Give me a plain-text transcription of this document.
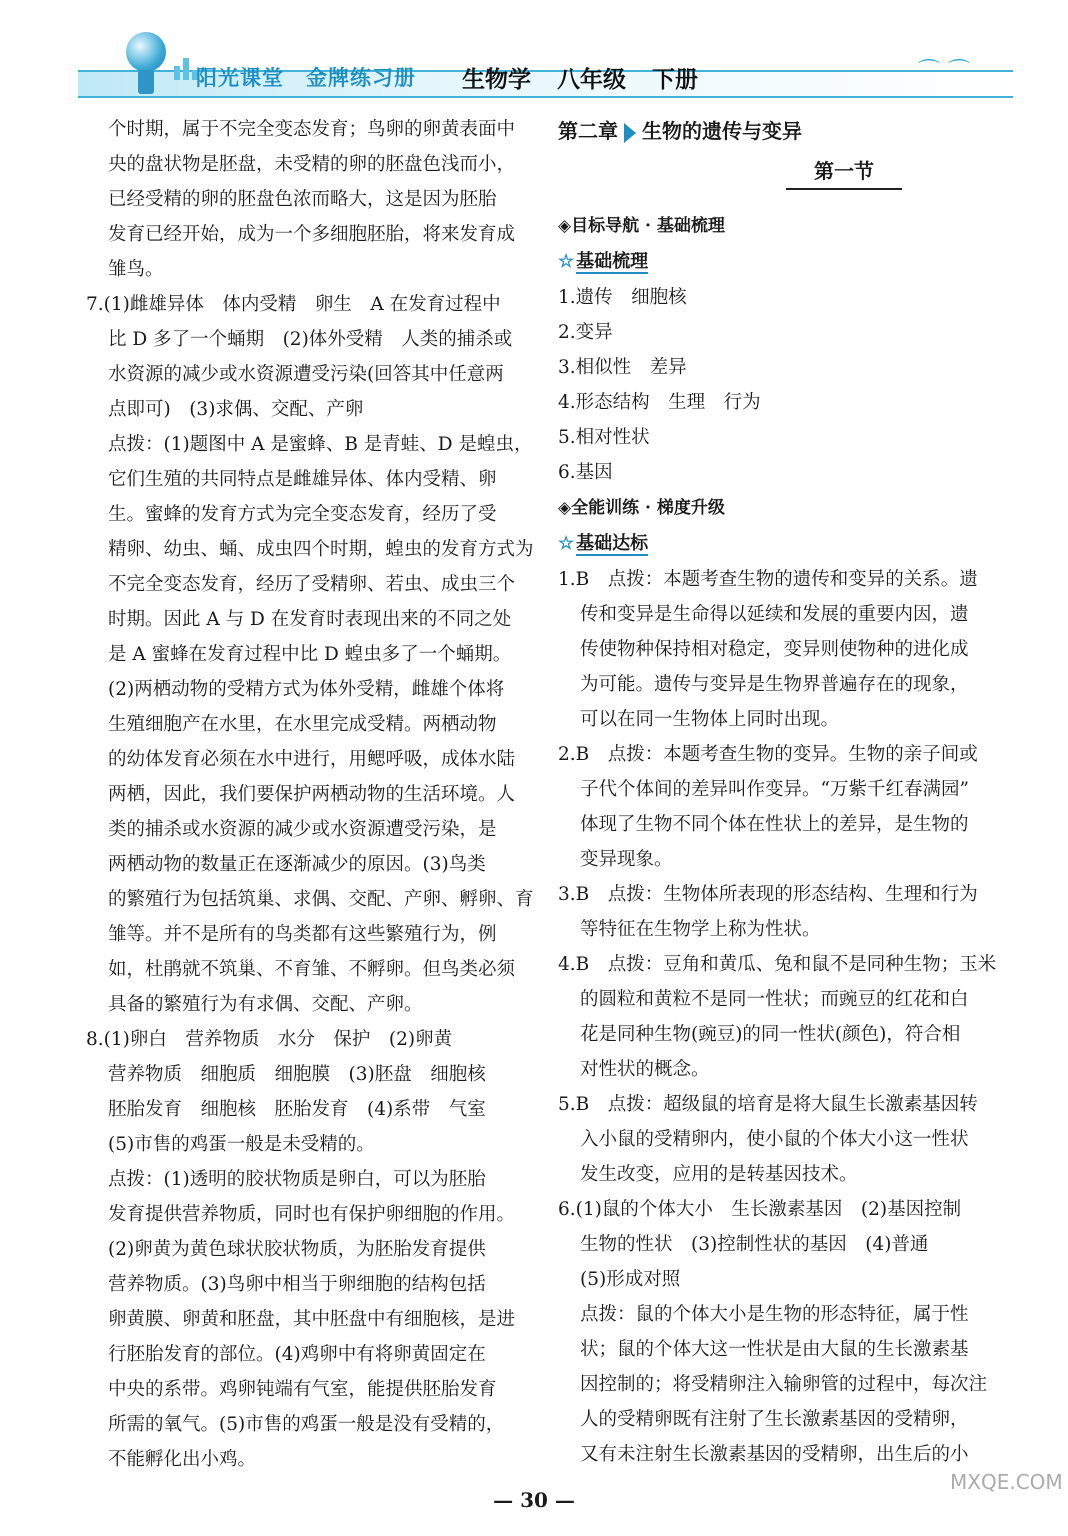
阳光课堂 金牌练习册	生物学 八年级 下册	⌒⌒

个时期，属于不完全变态发育；鸟卵的卵黄表面中

央的盘状物是胚盘，未受精的卵的胚盘色浅而小，

已经受精的卵的胚盘色浓而略大，这是因为胚胎

发育已经开始，成为一个多细胞胚胎，将来发育成

雏鸟。

7.(1)雌雄异体　体内受精　卵生　A 在发育过程中

比 D 多了一个蛹期　(2)体外受精　人类的捕杀或

水资源的减少或水资源遭受污染(回答其中任意两

点即可)　(3)求偶、交配、产卵

点拨：(1)题图中 A 是蜜蜂、B 是青蛙、D 是蝗虫，

它们生殖的共同特点是雌雄异体、体内受精、卵

生。蜜蜂的发育方式为完全变态发育，经历了受

精卵、幼虫、蛹、成虫四个时期，蝗虫的发育方式为

不完全变态发育，经历了受精卵、若虫、成虫三个

时期。因此 A 与 D 在发育时表现出来的不同之处

是 A 蜜蜂在发育过程中比 D 蝗虫多了一个蛹期。

(2)两栖动物的受精方式为体外受精，雌雄个体将

生殖细胞产在水里，在水里完成受精。两栖动物

的幼体发育必须在水中进行，用鳃呼吸，成体水陆

两栖，因此，我们要保护两栖动物的生活环境。人

类的捕杀或水资源的减少或水资源遭受污染，是

两栖动物的数量正在逐渐减少的原因。(3)鸟类

的繁殖行为包括筑巢、求偶、交配、产卵、孵卵、育

雏等。并不是所有的鸟类都有这些繁殖行为，例

如，杜鹃就不筑巢、不育雏、不孵卵。但鸟类必须

具备的繁殖行为有求偶、交配、产卵。

8.(1)卵白　营养物质　水分　保护　(2)卵黄

营养物质　细胞质　细胞膜　(3)胚盘　细胞核

胚胎发育　细胞核　胚胎发育　(4)系带　气室

(5)市售的鸡蛋一般是未受精的。

点拨：(1)透明的胶状物质是卵白，可以为胚胎

发育提供营养物质，同时也有保护卵细胞的作用。

(2)卵黄为黄色球状胶状物质，为胚胎发育提供

营养物质。(3)鸟卵中相当于卵细胞的结构包括

卵黄膜、卵黄和胚盘，其中胚盘中有细胞核，是进

行胚胎发育的部位。(4)鸡卵中有将卵黄固定在

中央的系带。鸡卵钝端有气室，能提供胚胎发育

所需的氧气。(5)市售的鸡蛋一般是没有受精的，

不能孵化出小鸡。

第二章 生物的遗传与变异

第一节

◈目标导航 · 基础梳理

☆ 基础梳理

1.遗传　细胞核

2.变异

3.相似性　差异

4.形态结构　生理　行为

5.相对性状

6.基因

◈全能训练 · 梯度升级

☆ 基础达标

1.B　点拨：本题考查生物的遗传和变异的关系。遗

传和变异是生命得以延续和发展的重要内因，遗

传使物种保持相对稳定，变异则使物种的进化成

为可能。遗传与变异是生物界普遍存在的现象，

可以在同一生物体上同时出现。

2.B　点拨：本题考查生物的变异。生物的亲子间或

子代个体间的差异叫作变异。“万紫千红春满园”

体现了生物不同个体在性状上的差异，是生物的

变异现象。

3.B　点拨：生物体所表现的形态结构、生理和行为

等特征在生物学上称为性状。

4.B　点拨：豆角和黄瓜、兔和鼠不是同种生物；玉米

的圆粒和黄粒不是同一性状；而豌豆的红花和白

花是同种生物(豌豆)的同一性状(颜色)，符合相

对性状的概念。

5.B　点拨：超级鼠的培育是将大鼠生长激素基因转

入小鼠的受精卵内，使小鼠的个体大小这一性状

发生改变，应用的是转基因技术。

6.(1)鼠的个体大小　生长激素基因　(2)基因控制

生物的性状　(3)控制性状的基因　(4)普通

(5)形成对照

点拨：鼠的个体大小是生物的形态特征，属于性

状；鼠的个体大这一性状是由大鼠的生长激素基

因控制的；将受精卵注入输卵管的过程中，每次注

人的受精卵既有注射了生长激素基因的受精卵，

又有未注射生长激素基因的受精卵，出生后的小

— 30 —
MXQE.COM
